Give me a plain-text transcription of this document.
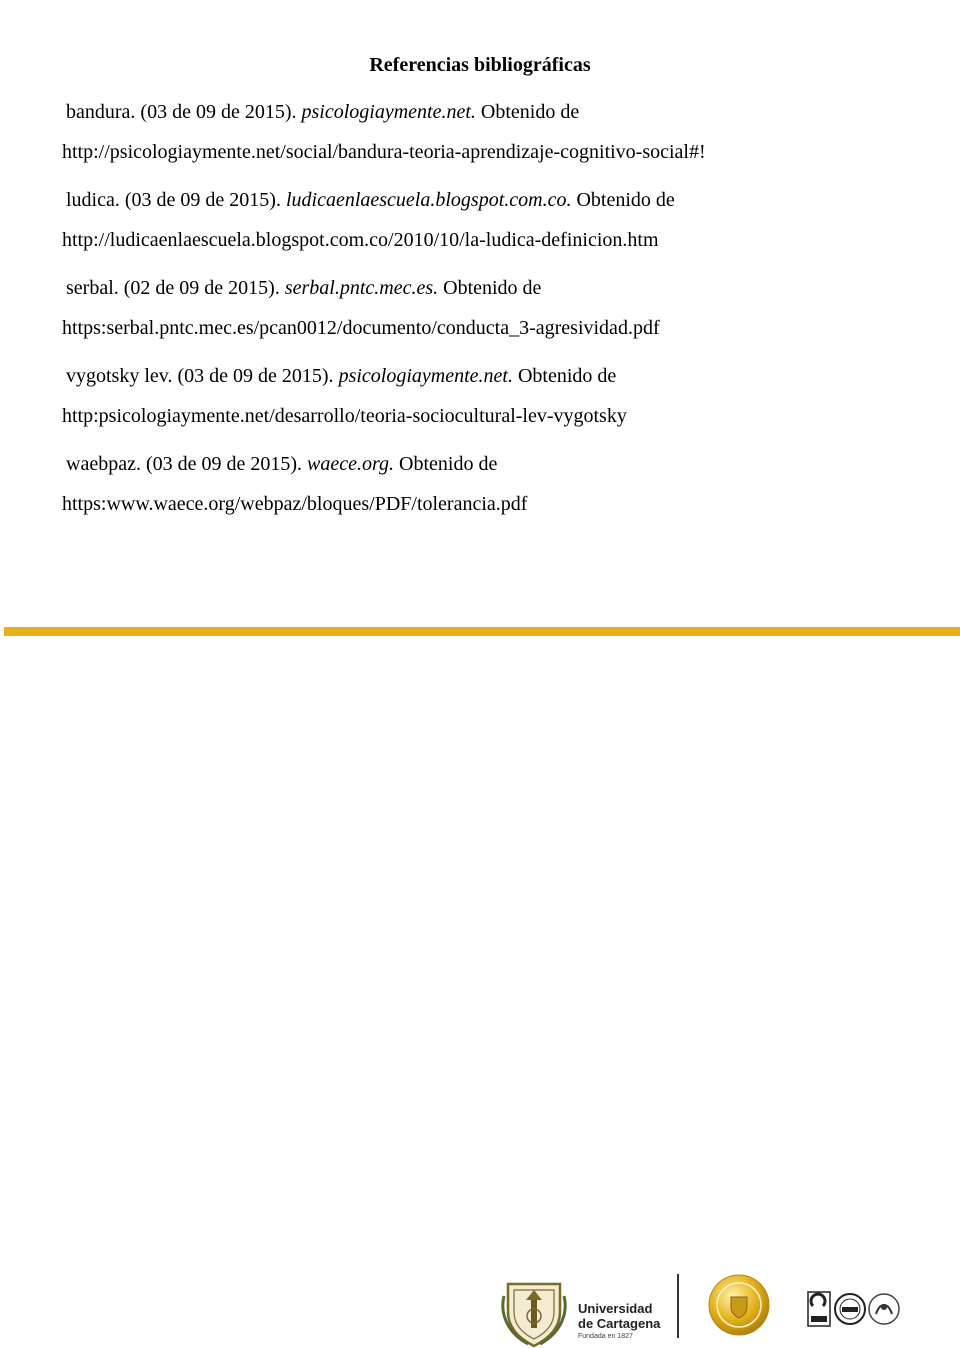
Referencias bibliográficas
bandura. (03 de 09 de 2015). psicologiaymente.net. Obtenido de
http://psicologiaymente.net/social/bandura-teoria-aprendizaje-cognitivo-social#!
ludica. (03 de 09 de 2015). ludicaenlaescuela.blogspot.com.co. Obtenido de
http://ludicaenlaescuela.blogspot.com.co/2010/10/la-ludica-definicion.htm
serbal. (02 de 09 de 2015). serbal.pntc.mec.es. Obtenido de
https:serbal.pntc.mec.es/pcan0012/documento/conducta_3-agresividad.pdf
vygotsky lev. (03 de 09 de 2015). psicologiaymente.net. Obtenido de
http:psicologiaymente.net/desarrollo/teoria-sociocultural-lev-vygotsky
waebpaz. (03 de 09 de 2015). waece.org. Obtenido de
https:www.waece.org/webpaz/bloques/PDF/tolerancia.pdf
Universidad
de Cartagena
Fundada en 1827
